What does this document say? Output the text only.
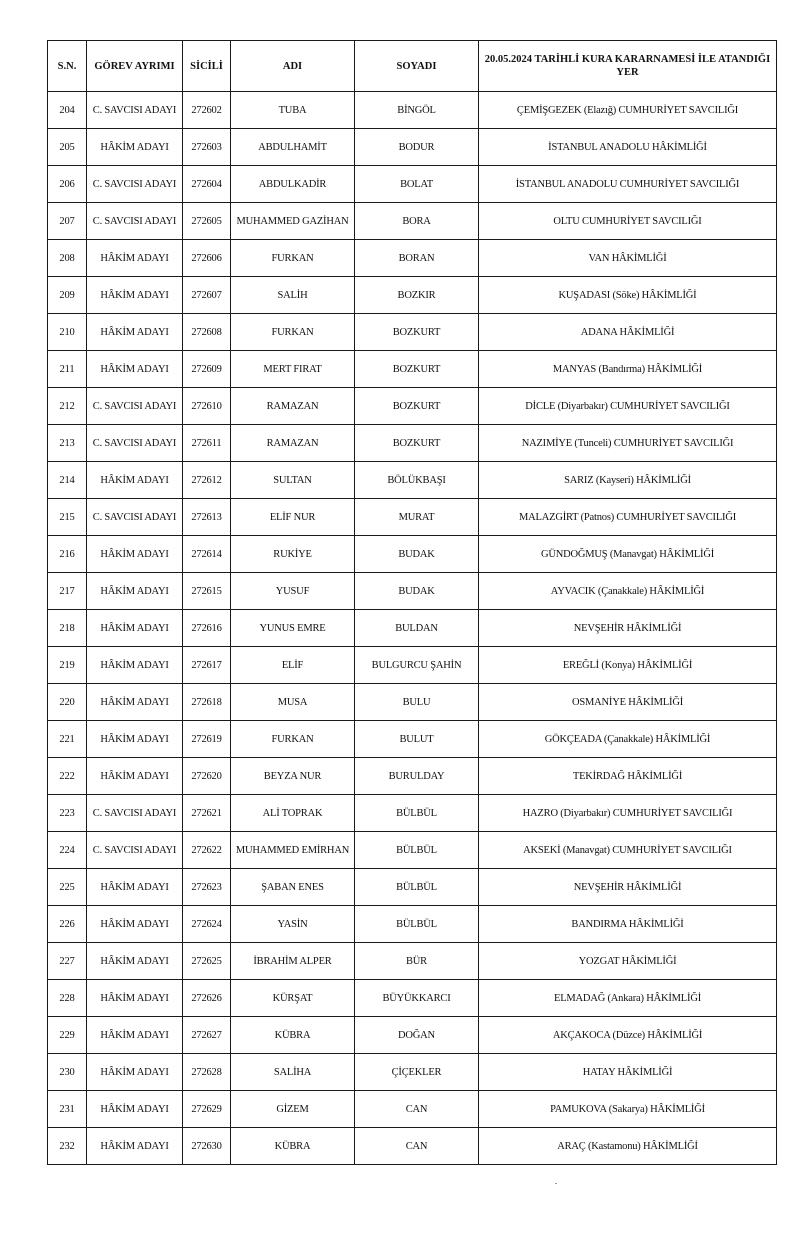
S.N.	GÖREV AYRIMI	SİCİLİ	ADI	SOYADI	20.05.2024 TARİHLİ KURA KARARNAMESİ İLE ATANDIĞI YER
204	C. SAVCISI ADAYI	272602	TUBA	BİNGÖL	ÇEMİŞGEZEK (Elazığ) CUMHURİYET SAVCILIĞI
205	HÂKİM ADAYI	272603	ABDULHAMİT	BODUR	İSTANBUL ANADOLU HÂKİMLİĞİ
206	C. SAVCISI ADAYI	272604	ABDULKADİR	BOLAT	İSTANBUL ANADOLU CUMHURİYET SAVCILIĞI
207	C. SAVCISI ADAYI	272605	MUHAMMED GAZİHAN	BORA	OLTU CUMHURİYET SAVCILIĞI
208	HÂKİM ADAYI	272606	FURKAN	BORAN	VAN HÂKİMLİĞİ
209	HÂKİM ADAYI	272607	SALİH	BOZKIR	KUŞADASI (Söke) HÂKİMLİĞİ
210	HÂKİM ADAYI	272608	FURKAN	BOZKURT	ADANA HÂKİMLİĞİ
211	HÂKİM ADAYI	272609	MERT FIRAT	BOZKURT	MANYAS (Bandırma) HÂKİMLİĞİ
212	C. SAVCISI ADAYI	272610	RAMAZAN	BOZKURT	DİCLE (Diyarbakır) CUMHURİYET SAVCILIĞI
213	C. SAVCISI ADAYI	272611	RAMAZAN	BOZKURT	NAZIMİYE (Tunceli) CUMHURİYET SAVCILIĞI
214	HÂKİM ADAYI	272612	SULTAN	BÖLÜKBAŞI	SARIZ (Kayseri) HÂKİMLİĞİ
215	C. SAVCISI ADAYI	272613	ELİF NUR	MURAT	MALAZGİRT (Patnos) CUMHURİYET SAVCILIĞI
216	HÂKİM ADAYI	272614	RUKİYE	BUDAK	GÜNDOĞMUŞ (Manavgat) HÂKİMLİĞİ
217	HÂKİM ADAYI	272615	YUSUF	BUDAK	AYVACIK (Çanakkale) HÂKİMLİĞİ
218	HÂKİM ADAYI	272616	YUNUS EMRE	BULDAN	NEVŞEHİR HÂKİMLİĞİ
219	HÂKİM ADAYI	272617	ELİF	BULGURCU ŞAHİN	EREĞLİ (Konya) HÂKİMLİĞİ
220	HÂKİM ADAYI	272618	MUSA	BULU	OSMANİYE HÂKİMLİĞİ
221	HÂKİM ADAYI	272619	FURKAN	BULUT	GÖKÇEADA (Çanakkale) HÂKİMLİĞİ
222	HÂKİM ADAYI	272620	BEYZA NUR	BURULDAY	TEKİRDAĞ HÂKİMLİĞİ
223	C. SAVCISI ADAYI	272621	ALİ TOPRAK	BÜLBÜL	HAZRO (Diyarbakır) CUMHURİYET SAVCILIĞI
224	C. SAVCISI ADAYI	272622	MUHAMMED EMİRHAN	BÜLBÜL	AKSEKİ (Manavgat) CUMHURİYET SAVCILIĞI
225	HÂKİM ADAYI	272623	ŞABAN ENES	BÜLBÜL	NEVŞEHİR HÂKİMLİĞİ
226	HÂKİM ADAYI	272624	YASİN	BÜLBÜL	BANDIRMA HÂKİMLİĞİ
227	HÂKİM ADAYI	272625	İBRAHİM ALPER	BÜR	YOZGAT HÂKİMLİĞİ
228	HÂKİM ADAYI	272626	KÜRŞAT	BÜYÜKKARCI	ELMADAĞ (Ankara) HÂKİMLİĞİ
229	HÂKİM ADAYI	272627	KÜBRA	DOĞAN	AKÇAKOCA (Düzce) HÂKİMLİĞİ
230	HÂKİM ADAYI	272628	SALİHA	ÇİÇEKLER	HATAY HÂKİMLİĞİ
231	HÂKİM ADAYI	272629	GİZEM	CAN	PAMUKOVA (Sakarya) HÂKİMLİĞİ
232	HÂKİM ADAYI	272630	KÜBRA	CAN	ARAÇ (Kastamonu) HÂKİMLİĞİ
